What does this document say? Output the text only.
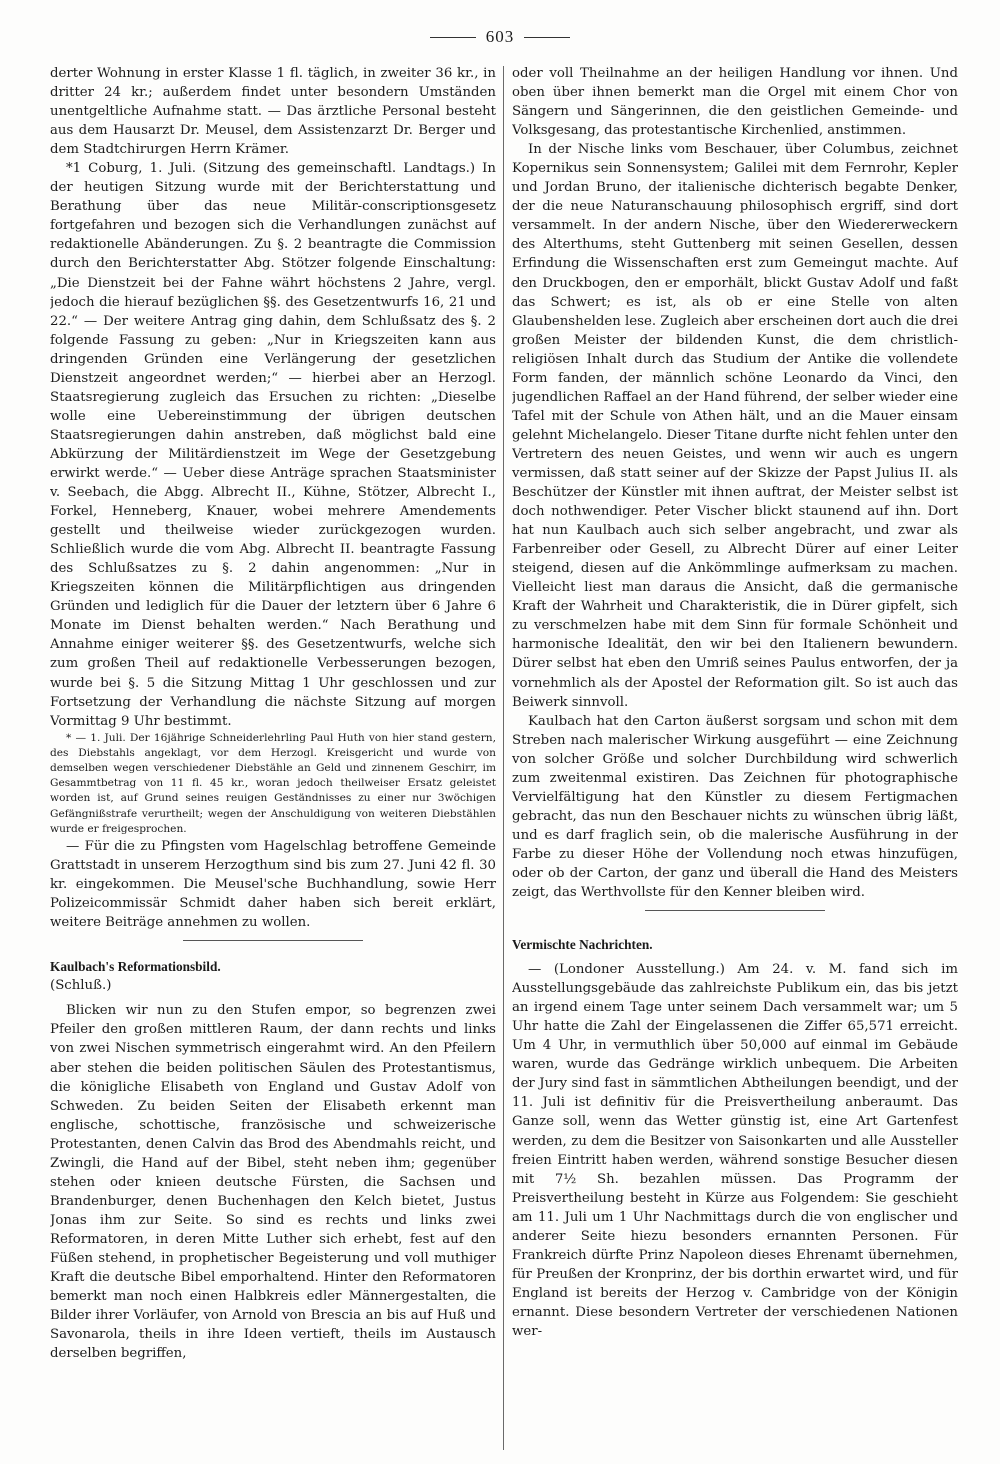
603

derter Wohnung in erster Klasse 1 fl. täglich, in zweiter 36 kr., in dritter 24 kr.; außerdem findet unter besondern Umständen unentgeltliche Aufnahme statt. — Das ärztliche Personal besteht aus dem Hausarzt Dr. Meusel, dem Assistenzarzt Dr. Berger und dem Stadtchirurgen Herrn Krämer.

*1 Coburg, 1. Juli. (Sitzung des gemeinschaftl. Landtags.) In der heutigen Sitzung wurde mit der Berichterstattung und Berathung über das neue Militär-conscriptionsgesetz fortgefahren und bezogen sich die Verhandlungen zunächst auf redaktionelle Abänderungen. Zu §. 2 beantragte die Commission durch den Berichterstatter Abg. Stötzer folgende Einschaltung: „Die Dienstzeit bei der Fahne währt höchstens 2 Jahre, vergl. jedoch die hierauf bezüglichen §§. des Gesetzentwurfs 16, 21 und 22.“ — Der weitere Antrag ging dahin, dem Schlußsatz des §. 2 folgende Fassung zu geben: „Nur in Kriegszeiten kann aus dringenden Gründen eine Verlängerung der gesetzlichen Dienstzeit angeordnet werden;“ — hierbei aber an Herzogl. Staatsregierung zugleich das Ersuchen zu richten: „Dieselbe wolle eine Uebereinstimmung der übrigen deutschen Staatsregierungen dahin anstreben, daß möglichst bald eine Abkürzung der Militärdienstzeit im Wege der Gesetzgebung erwirkt werde.“ — Ueber diese Anträge sprachen Staatsminister v. Seebach, die Abgg. Albrecht II., Kühne, Stötzer, Albrecht I., Forkel, Henneberg, Knauer, wobei mehrere Amendements gestellt und theilweise wieder zurückgezogen wurden. Schließlich wurde die vom Abg. Albrecht II. beantragte Fassung des Schlußsatzes zu §. 2 dahin angenommen: „Nur in Kriegszeiten können die Militärpflichtigen aus dringenden Gründen und lediglich für die Dauer der letztern über 6 Jahre 6 Monate im Dienst behalten werden.“ Nach Berathung und Annahme einiger weiterer §§. des Gesetzentwurfs, welche sich zum großen Theil auf redaktionelle Verbesserungen bezogen, wurde bei §. 5 die Sitzung Mittag 1 Uhr geschlossen und zur Fortsetzung der Verhandlung die nächste Sitzung auf morgen Vormittag 9 Uhr bestimmt.

* — 1. Juli. Der 16jährige Schneiderlehrling Paul Huth von hier stand gestern, des Diebstahls angeklagt, vor dem Herzogl. Kreisgericht und wurde von demselben wegen verschiedener Diebstähle an Geld und zinnenem Geschirr, im Gesammtbetrag von 11 fl. 45 kr., woran jedoch theilweiser Ersatz geleistet worden ist, auf Grund seines reuigen Geständnisses zu einer nur 3wöchigen Gefängnißstrafe verurtheilt; wegen der Anschuldigung von weiteren Diebstählen wurde er freigesprochen.

— Für die zu Pfingsten vom Hagelschlag betroffene Gemeinde Grattstadt in unserem Herzogthum sind bis zum 27. Juni 42 fl. 30 kr. eingekommen. Die Meusel'sche Buchhandlung, sowie Herr Polizeicommissär Schmidt daher haben sich bereit erklärt, weitere Beiträge annehmen zu wollen.

Kaulbach's Reformationsbild.

(Schluß.)

Blicken wir nun zu den Stufen empor, so begrenzen zwei Pfeiler den großen mittleren Raum, der dann rechts und links von zwei Nischen symmetrisch eingerahmt wird. An den Pfeilern aber stehen die beiden politischen Säulen des Protestantismus, die königliche Elisabeth von England und Gustav Adolf von Schweden. Zu beiden Seiten der Elisabeth erkennt man englische, schottische, französische und schweizerische Protestanten, denen Calvin das Brod des Abendmahls reicht, und Zwingli, die Hand auf der Bibel, steht neben ihm; gegenüber stehen oder knieen deutsche Fürsten, die Sachsen und Brandenburger, denen Buchenhagen den Kelch bietet, Justus Jonas ihm zur Seite. So sind es rechts und links zwei Reformatoren, in deren Mitte Luther sich erhebt, fest auf den Füßen stehend, in prophetischer Begeisterung und voll muthiger Kraft die deutsche Bibel emporhaltend. Hinter den Reformatoren bemerkt man noch einen Halbkreis edler Männergestalten, die Bilder ihrer Vorläufer, von Arnold von Brescia an bis auf Huß und Savonarola, theils in ihre Ideen vertieft, theils im Austausch derselben begriffen,

oder voll Theilnahme an der heiligen Handlung vor ihnen. Und oben über ihnen bemerkt man die Orgel mit einem Chor von Sängern und Sängerinnen, die den geistlichen Gemeinde- und Volksgesang, das protestantische Kirchenlied, anstimmen.

In der Nische links vom Beschauer, über Columbus, zeichnet Kopernikus sein Sonnensystem; Galilei mit dem Fernrohr, Kepler und Jordan Bruno, der italienische dichterisch begabte Denker, der die neue Naturanschauung philosophisch ergriff, sind dort versammelt. In der andern Nische, über den Wiedererweckern des Alterthums, steht Guttenberg mit seinen Gesellen, dessen Erfindung die Wissenschaften erst zum Gemeingut machte. Auf den Druckbogen, den er emporhält, blickt Gustav Adolf und faßt das Schwert; es ist, als ob er eine Stelle von alten Glaubenshelden lese. Zugleich aber erscheinen dort auch die drei großen Meister der bildenden Kunst, die dem christlich-religiösen Inhalt durch das Studium der Antike die vollendete Form fanden, der männlich schöne Leonardo da Vinci, den jugendlichen Raffael an der Hand führend, der selber wieder eine Tafel mit der Schule von Athen hält, und an die Mauer einsam gelehnt Michelangelo. Dieser Titane durfte nicht fehlen unter den Vertretern des neuen Geistes, und wenn wir auch es ungern vermissen, daß statt seiner auf der Skizze der Papst Julius II. als Beschützer der Künstler mit ihnen auftrat, der Meister selbst ist doch nothwendiger. Peter Vischer blickt staunend auf ihn. Dort hat nun Kaulbach auch sich selber angebracht, und zwar als Farbenreiber oder Gesell, zu Albrecht Dürer auf einer Leiter steigend, diesen auf die Ankömmlinge aufmerksam zu machen. Vielleicht liest man daraus die Ansicht, daß die germanische Kraft der Wahrheit und Charakteristik, die in Dürer gipfelt, sich zu verschmelzen habe mit dem Sinn für formale Schönheit und harmonische Idealität, den wir bei den Italienern bewundern. Dürer selbst hat eben den Umriß seines Paulus entworfen, der ja vornehmlich als der Apostel der Reformation gilt. So ist auch das Beiwerk sinnvoll.

Kaulbach hat den Carton äußerst sorgsam und schon mit dem Streben nach malerischer Wirkung ausgeführt — eine Zeichnung von solcher Größe und solcher Durchbildung wird schwerlich zum zweitenmal existiren. Das Zeichnen für photographische Vervielfältigung hat den Künstler zu diesem Fertigmachen gebracht, das nun den Beschauer nichts zu wünschen übrig läßt, und es darf fraglich sein, ob die malerische Ausführung in der Farbe zu dieser Höhe der Vollendung noch etwas hinzufügen, oder ob der Carton, der ganz und überall die Hand des Meisters zeigt, das Werthvollste für den Kenner bleiben wird.

Vermischte Nachrichten.

— (Londoner Ausstellung.) Am 24. v. M. fand sich im Ausstellungsgebäude das zahlreichste Publikum ein, das bis jetzt an irgend einem Tage unter seinem Dach versammelt war; um 5 Uhr hatte die Zahl der Eingelassenen die Ziffer 65,571 erreicht. Um 4 Uhr, in vermuthlich über 50,000 auf einmal im Gebäude waren, wurde das Gedränge wirklich unbequem. Die Arbeiten der Jury sind fast in sämmtlichen Abtheilungen beendigt, und der 11. Juli ist definitiv für die Preisvertheilung anberaumt. Das Ganze soll, wenn das Wetter günstig ist, eine Art Gartenfest werden, zu dem die Besitzer von Saisonkarten und alle Aussteller freien Eintritt haben werden, während sonstige Besucher diesen mit 7½ Sh. bezahlen müssen. Das Programm der Preisvertheilung besteht in Kürze aus Folgendem: Sie geschieht am 11. Juli um 1 Uhr Nachmittags durch die von englischer und anderer Seite hiezu besonders ernannten Personen. Für Frankreich dürfte Prinz Napoleon dieses Ehrenamt übernehmen, für Preußen der Kronprinz, der bis dorthin erwartet wird, und für England ist bereits der Herzog v. Cambridge von der Königin ernannt. Diese besondern Vertreter der verschiedenen Nationen wer-
